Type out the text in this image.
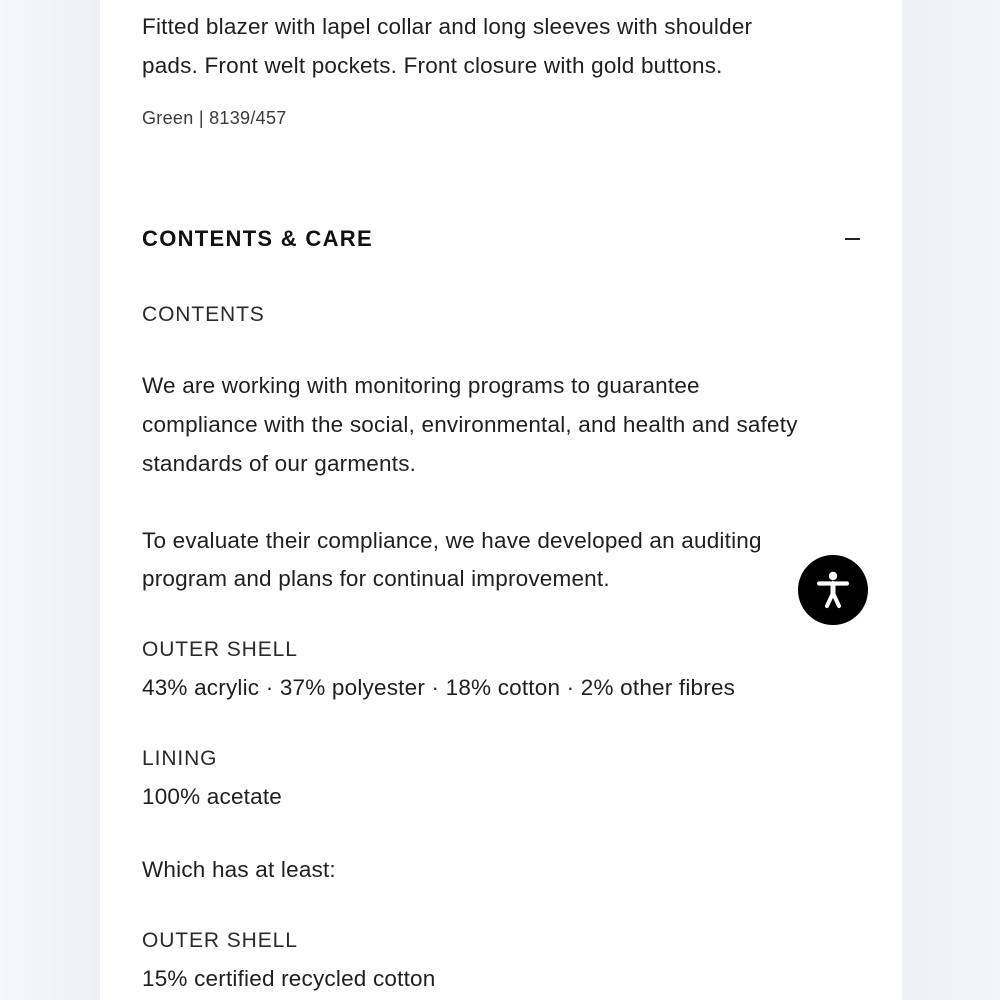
Fitted blazer with lapel collar and long sleeves with shoulder
pads. Front welt pockets. Front closure with gold buttons.
Green | 8139/457
CONTENTS & CARE
CONTENTS
We are working with monitoring programs to guarantee
compliance with the social, environmental, and health and safety
standards of our garments.
To evaluate their compliance, we have developed an auditing
program and plans for continual improvement.
OUTER SHELL
43% acrylic · 37% polyester · 18% cotton · 2% other fibres
LINING
100% acetate
Which has at least:
OUTER SHELL
15% certified recycled cotton
